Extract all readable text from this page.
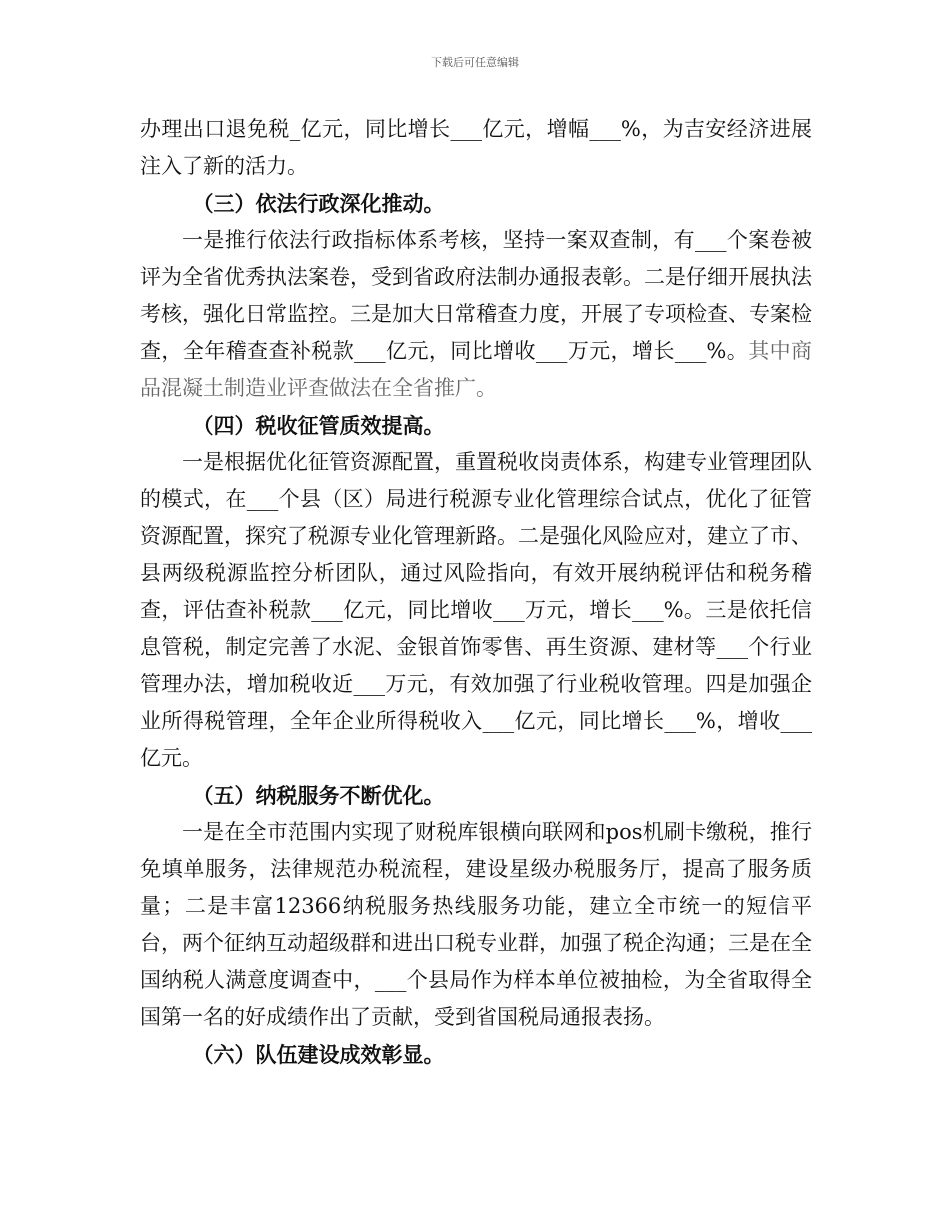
下载后可任意编辑

办理出口退免税_亿元，同比增长___亿元，增幅___%，为吉安经济进展注入了新的活力。

（三）依法行政深化推动。

一是推行依法行政指标体系考核，坚持一案双查制，有___个案卷被评为全省优秀执法案卷，受到省政府法制办通报表彰。二是仔细开展执法考核，强化日常监控。三是加大日常稽查力度，开展了专项检查、专案检查，全年稽查查补税款___亿元，同比增收___万元，增长___%。其中商品混凝土制造业评查做法在全省推广。

（四）税收征管质效提高。

一是根据优化征管资源配置，重置税收岗责体系，构建专业管理团队的模式，在___个县（区）局进行税源专业化管理综合试点，优化了征管资源配置，探究了税源专业化管理新路。二是强化风险应对，建立了市、县两级税源监控分析团队，通过风险指向，有效开展纳税评估和税务稽查，评估查补税款___亿元，同比增收___万元，增长___%。三是依托信息管税，制定完善了水泥、金银首饰零售、再生资源、建材等___个行业管理办法，增加税收近___万元，有效加强了行业税收管理。四是加强企业所得税管理，全年企业所得税收入___亿元，同比增长___%，增收___亿元。

（五）纳税服务不断优化。

一是在全市范围内实现了财税库银横向联网和pos机刷卡缴税，推行免填单服务，法律规范办税流程，建设星级办税服务厅，提高了服务质量；二是丰富12366纳税服务热线服务功能，建立全市统一的短信平台，两个征纳互动超级群和进出口税专业群，加强了税企沟通；三是在全国纳税人满意度调查中，___个县局作为样本单位被抽检，为全省取得全国第一名的好成绩作出了贡献，受到省国税局通报表扬。

（六）队伍建设成效彰显。
